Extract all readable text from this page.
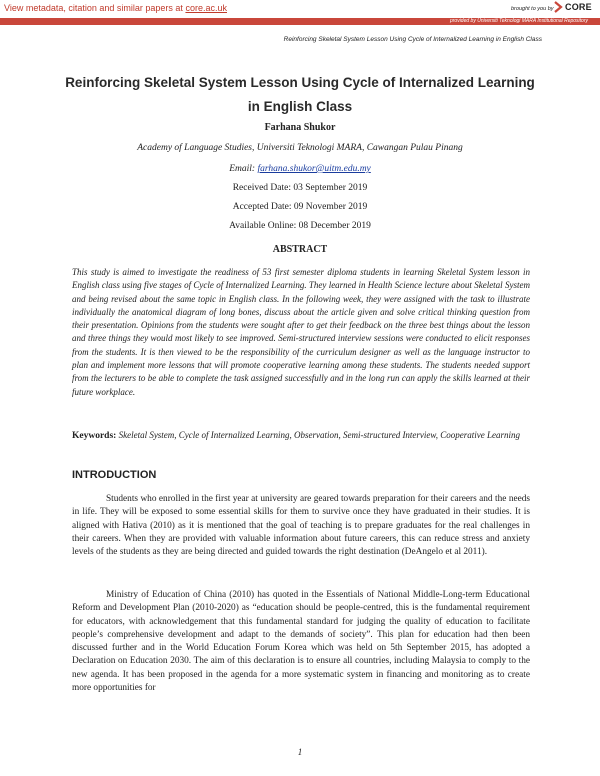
View metadata, citation and similar papers at core.ac.uk	brought to you by CORE
provided by Universiti Teknologi MARA Institutional Repository
Reinforcing Skeletal System Lesson Using Cycle of Internalized Learning in English Class
Reinforcing Skeletal System Lesson Using Cycle of Internalized Learning in English Class
Farhana Shukor
Academy of Language Studies, Universiti Teknologi MARA, Cawangan Pulau Pinang
Email: farhana.shukor@uitm.edu.my
Received Date: 03 September 2019
Accepted Date: 09 November 2019
Available Online: 08 December 2019
ABSTRACT
This study is aimed to investigate the readiness of 53 first semester diploma students in learning Skeletal System lesson in English class using five stages of Cycle of Internalized Learning. They learned in Health Science lecture about Skeletal System and being revised about the same topic in English class. In the following week, they were assigned with the task to illustrate individually the anatomical diagram of long bones, discuss about the article given and solve critical thinking question from their presentation. Opinions from the students were sought after to get their feedback on the three best things about the lesson and three things they would most likely to see improved. Semi-structured interview sessions were conducted to elicit responses from the students. It is then viewed to be the responsibility of the curriculum designer as well as the language instructor to plan and implement more lessons that will promote cooperative learning among these students. The students needed support from the lecturers to be able to complete the task assigned successfully and in the long run can apply the skills learned at their future workplace.
Keywords: Skeletal System, Cycle of Internalized Learning, Observation, Semi-structured Interview, Cooperative Learning
INTRODUCTION
Students who enrolled in the first year at university are geared towards preparation for their careers and the needs in life. They will be exposed to some essential skills for them to survive once they have graduated in their studies. It is aligned with Hativa (2010) as it is mentioned that the goal of teaching is to prepare graduates for the real challenges in their careers. When they are provided with valuable information about future careers, this can reduce stress and anxiety levels of the students as they are being directed and guided towards the right destination (DeAngelo et al 2011).
Ministry of Education of China (2010) has quoted in the Essentials of National Middle-Long-term Educational Reform and Development Plan (2010-2020) as “education should be people-centred, this is the fundamental requirement for educators, with acknowledgement that this fundamental standard for judging the quality of education to facilitate people’s comprehensive development and adapt to the demands of society”. This plan for education had then been discussed further and in the World Education Forum Korea which was held on 5th September 2015, has adopted a Declaration on Education 2030. The aim of this declaration is to ensure all countries, including Malaysia to comply to the new agenda. It has been proposed in the agenda for a more systematic system in financing and monitoring as to create more opportunities for
1
